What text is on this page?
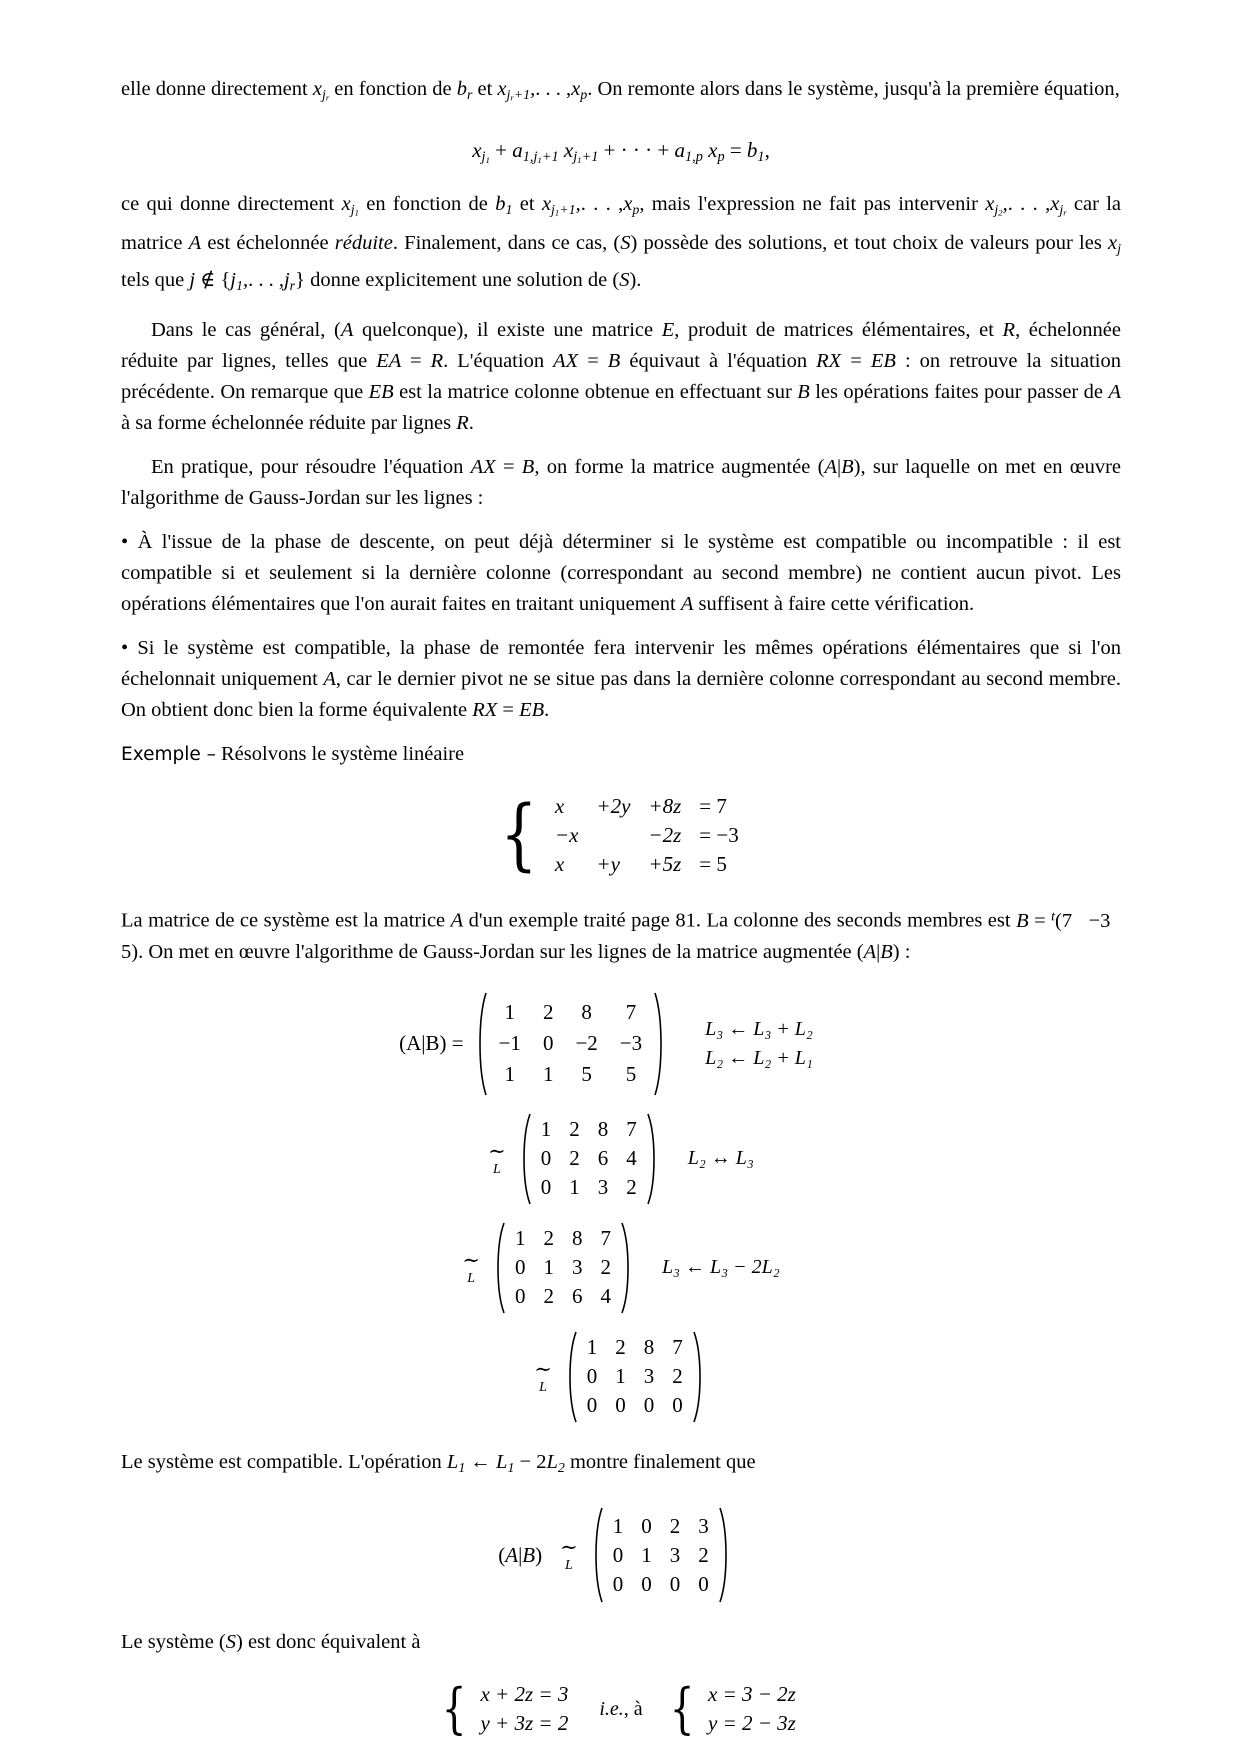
elle donne directement $x_{jr}$ en fonction de $b_r$ et $x_{jr+1}$,. . . $,x_p$. On remonte alors dans le système, jusqu'à la première équation,

$x_{j1} + a_{1,j1+1}$ $x_{j1+1}$ + · · · + $a_{1,p}$ $x_p = b_1$,

ce qui donne directement $x_{j1}$ en fonction de $b_1$ et $x_{j1+1}$,. . . $,x_p$, mais l'expression ne fait pas intervenir $x_{j2}$,. . . $,x_{jr}$ car la matrice A est échelonnée réduite. Finalement, dans ce cas, (S) possède des solutions, et tout choix de valeurs pour les $x_j$ tels que j ∉ {$j_1$,. . . $,j_r$} donne explicitement une solution de (S).

Dans le cas général, (A quelconque), il existe une matrice E, produit de matrices élémentaires, et R, échelonnée réduite par lignes, telles que EA = R. L'équation AX = B équivaut à l'équation RX = EB : on retrouve la situation précédente. On remarque que EB est la matrice colonne obtenue en effectuant sur B les opérations faites pour passer de A à sa forme échelonnée réduite par lignes R.

En pratique, pour résoudre l'équation AX = B, on forme la matrice augmentée (A|B), sur laquelle on met en œuvre l'algorithme de Gauss-Jordan sur les lignes :

• À l'issue de la phase de descente, on peut déjà déterminer si le système est compatible ou incompatible : il est compatible si et seulement si la dernière colonne (correspondant au second membre) ne contient aucun pivot. Les opérations élémentaires que l'on aurait faites en traitant uniquement A suffisent à faire cette vérification.

• Si le système est compatible, la phase de remontée fera intervenir les mêmes opérations élémentaires que si l'on échelonnait uniquement A, car le dernier pivot ne se situe pas dans la dernière colonne correspondant au second membre. On obtient donc bien la forme équivalente RX = EB.

Exemple – Résolvons le système linéaire

{ x	+2y	+8z	= 7
−x		−2z	= −3
x	+y	+5z	= 5

La matrice de ce système est la matrice A d'un exemple traité page 81. La colonne des seconds membres est B = $^t$(7   −3   5). On met en œuvre l'algorithme de Gauss-Jordan sur les lignes de la matrice augmentée (A|B) :

(A|B) =
1	2	8	7
−1	0	−2	−3
1	1	5	5
L₃ ← L₃ + L₂
L₂ ← L₂ + L₁
∼
L
1	2	8	7
0	2	6	4
0	1	3	2
L₂ ↔ L₃
∼
L
1	2	8	7
0	1	3	2
0	2	6	4
L₃ ← L₃ − 2L₂
∼
L
1	2	8	7
0	1	3	2
0	0	0	0

Le système est compatible. L'opération $L_1$ ← $L_1 - 2L_2$ montre finalement que

(A|B) ∼
L
1	0	2	3
0	1	3	2
0	0	0	0

Le système (S) est donc équivalent à

{ x + 2z = 3
y + 3z = 2
i.e., à { x = 3 − 2z
y = 2 − 3z
